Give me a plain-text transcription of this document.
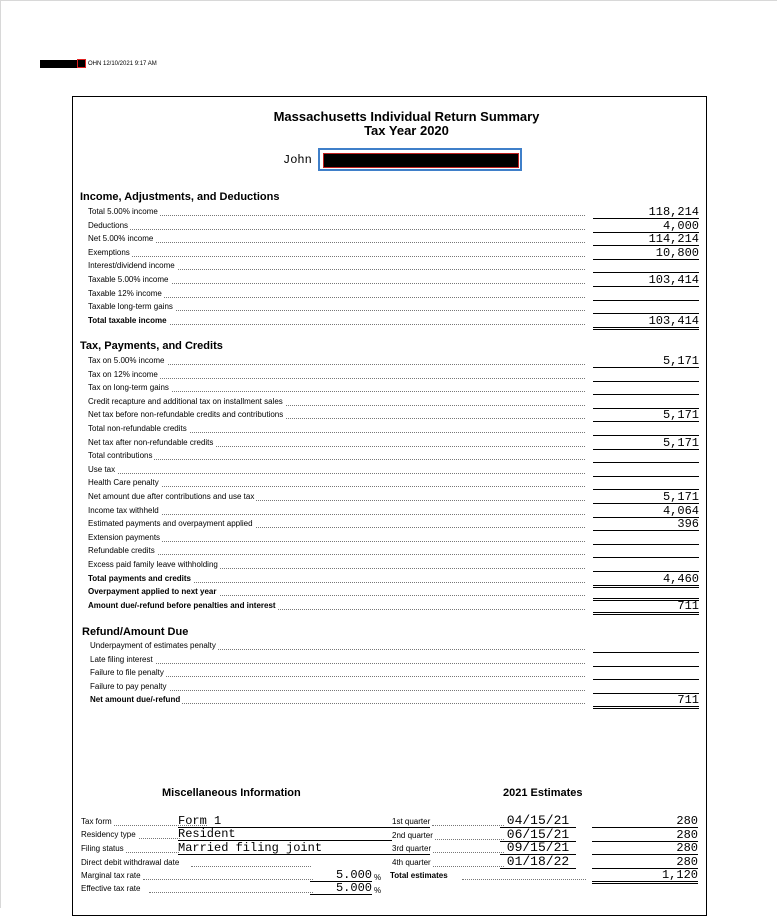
OHN 12/10/2021 9:17 AM
Massachusetts Individual Return Summary
Tax Year 2020
John
Income, Adjustments, and Deductions
Total 5.00% income	118,214
Deductions	4,000
Net 5.00% income	114,214
Exemptions	10,800
Interest/dividend income
Taxable 5.00% income	103,414
Taxable 12% income
Taxable long-term gains
Total taxable income	103,414
Tax, Payments, and Credits
Tax on 5.00% income	5,171
Tax on 12% income
Tax on long-term gains
Credit recapture and additional tax on installment sales
Net tax before non-refundable credits and contributions	5,171
Total non-refundable credits
Net tax after non-refundable credits	5,171
Total contributions
Use tax
Health Care penalty
Net amount due after contributions and use tax	5,171
Income tax withheld	4,064
Estimated payments and overpayment applied	396
Extension payments
Refundable credits
Excess paid family leave withholding
Total payments and credits	4,460
Overpayment applied to next year
Amount due/-refund before penalties and interest	711
Refund/Amount Due
Underpayment of estimates penalty
Late filing interest
Failure to file penalty
Failure to pay penalty
Net amount due/-refund	711
Miscellaneous Information	2021 Estimates
Tax form	Form 1
Residency type	Resident
Filing status	Married filing joint
Direct debit withdrawal date
Marginal tax rate	5.000 %
Effective tax rate	5.000 %
1st quarter	04/15/21	280
2nd quarter	06/15/21	280
3rd quarter	09/15/21	280
4th quarter	01/18/22	280
Total estimates	1,120
